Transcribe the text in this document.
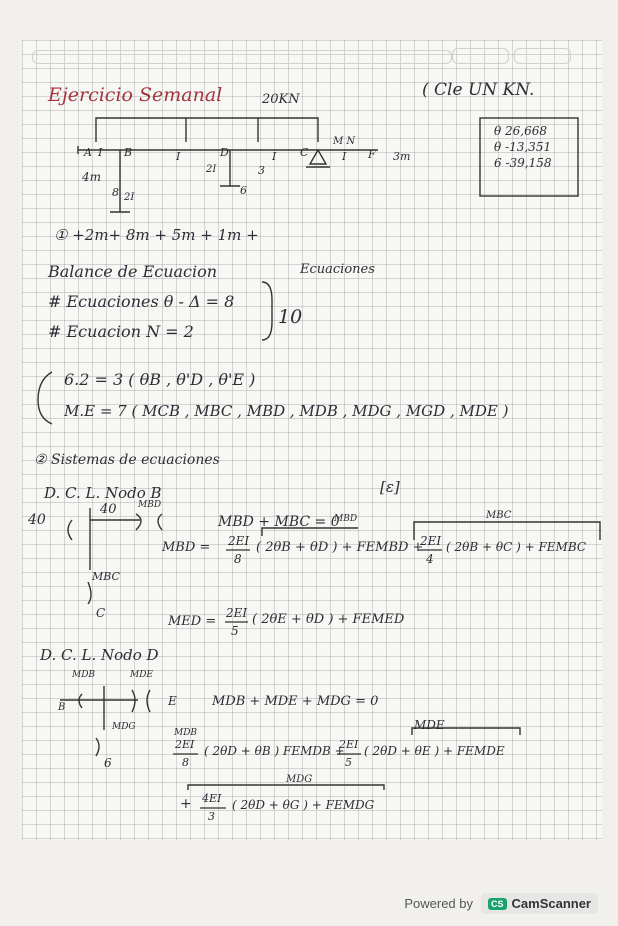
Ejercicio Semanal	( Cle UN KN.
20KN
M N
A	B	D	C	F
I	I	I	I
2I
2I
3
6
8
4m
3m
θ 26,668
θ -13,351
6 -39,158
① +2m+ 8m + 5m + 1m +
Balance de Ecuacion	Ecuaciones
# Ecuaciones θ - Δ = 8
# Ecuacion N = 2
10
6.2 = 3 ( θB , θ'D , θ'E )
M.E = 7 ( MCB , MBC , MBD , MDB , MDG , MGD , MDE )
② Sistemas de ecuaciones
D. C. L. Nodo B	[ε]
40
40 MBD
MBD + MBC = 0
MBD	MBC
MBD = 2EI
8
( 2θB + θD ) + FEMBD +
2EI
4
( 2θB + θC ) + FEMBC
MBC
C
MED =
2EI
5
( 2θE + θD ) + FEMED
D. C. L. Nodo D
MDB	MDE
MDG
B	E
6
MDB + MDE + MDG = 0
MDB
MDE
MDG
2EI
8
( 2θD + θB ) FEMDB +
2EI
5
( 2θD + θE ) + FEMDE
+ 4EI
3
( 2θD + θG ) + FEMDG
Powered by	CS CamScanner
